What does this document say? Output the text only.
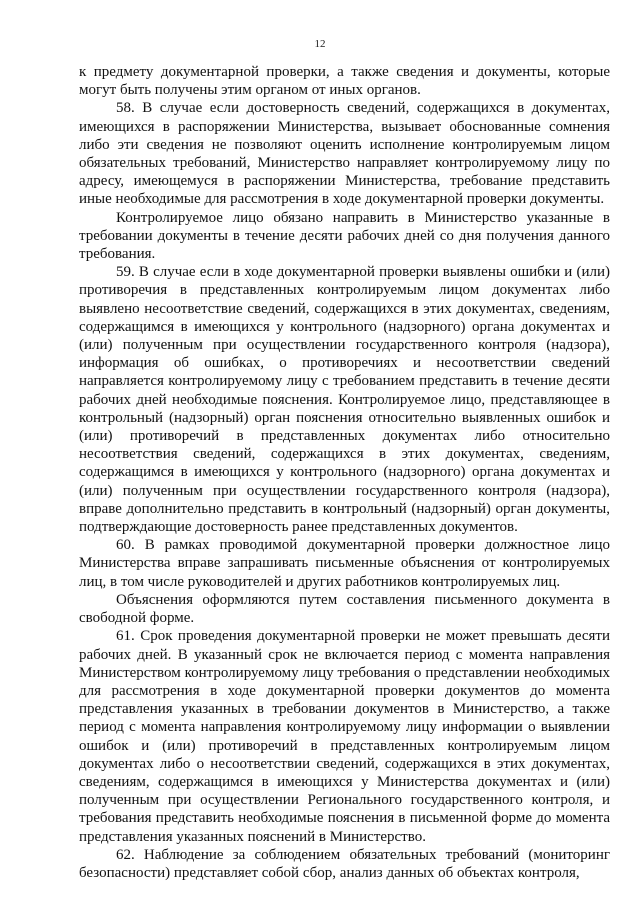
12

к предмету документарной проверки, а также сведения и документы, которые могут быть получены этим органом от иных органов.

58. В случае если достоверность сведений, содержащихся в документах, имеющихся в распоряжении Министерства, вызывает обоснованные сомнения либо эти сведения не позволяют оценить исполнение контролируемым лицом обязательных требований, Министерство направляет контролируемому лицу по адресу, имеющемуся в распоряжении Министерства, требование представить иные необходимые для рассмотрения в ходе документарной проверки документы.

Контролируемое лицо обязано направить в Министерство указанные в требовании документы в течение десяти рабочих дней со дня получения данного требования.

59. В случае если в ходе документарной проверки выявлены ошибки и (или) противоречия в представленных контролируемым лицом документах либо выявлено несоответствие сведений, содержащихся в этих документах, сведениям, содержащимся в имеющихся у контрольного (надзорного) органа документах и (или) полученным при осуществлении государственного контроля (надзора), информация об ошибках, о противоречиях и несоответствии сведений направляется контролируемому лицу с требованием представить в течение десяти рабочих дней необходимые пояснения. Контролируемое лицо, представляющее в контрольный (надзорный) орган пояснения относительно выявленных ошибок и (или) противоречий в представленных документах либо относительно несоответствия сведений, содержащихся в этих документах, сведениям, содержащимся в имеющихся у контрольного (надзорного) органа документах и (или) полученным при осуществлении государственного контроля (надзора), вправе дополнительно представить в контрольный (надзорный) орган документы, подтверждающие достоверность ранее представленных документов.

60. В рамках проводимой документарной проверки должностное лицо Министерства вправе запрашивать письменные объяснения от контролируемых лиц, в том числе руководителей и других работников контролируемых лиц.

Объяснения оформляются путем составления письменного документа в свободной форме.

61. Срок проведения документарной проверки не может превышать десяти рабочих дней. В указанный срок не включается период с момента направления Министерством контролируемому лицу требования о представлении необходимых для рассмотрения в ходе документарной проверки документов до момента представления указанных в требовании документов в Министерство, а также период с момента направления контролируемому лицу информации о выявлении ошибок и (или) противоречий в представленных контролируемым лицом документах либо о несоответствии сведений, содержащихся в этих документах, сведениям, содержащимся в имеющихся у Министерства документах и (или) полученным при осуществлении Регионального государственного контроля, и требования представить необходимые пояснения в письменной форме до момента представления указанных пояснений в Министерство.

62. Наблюдение за соблюдением обязательных требований (мониторинг безопасности) представляет собой сбор, анализ данных об объектах контроля,
